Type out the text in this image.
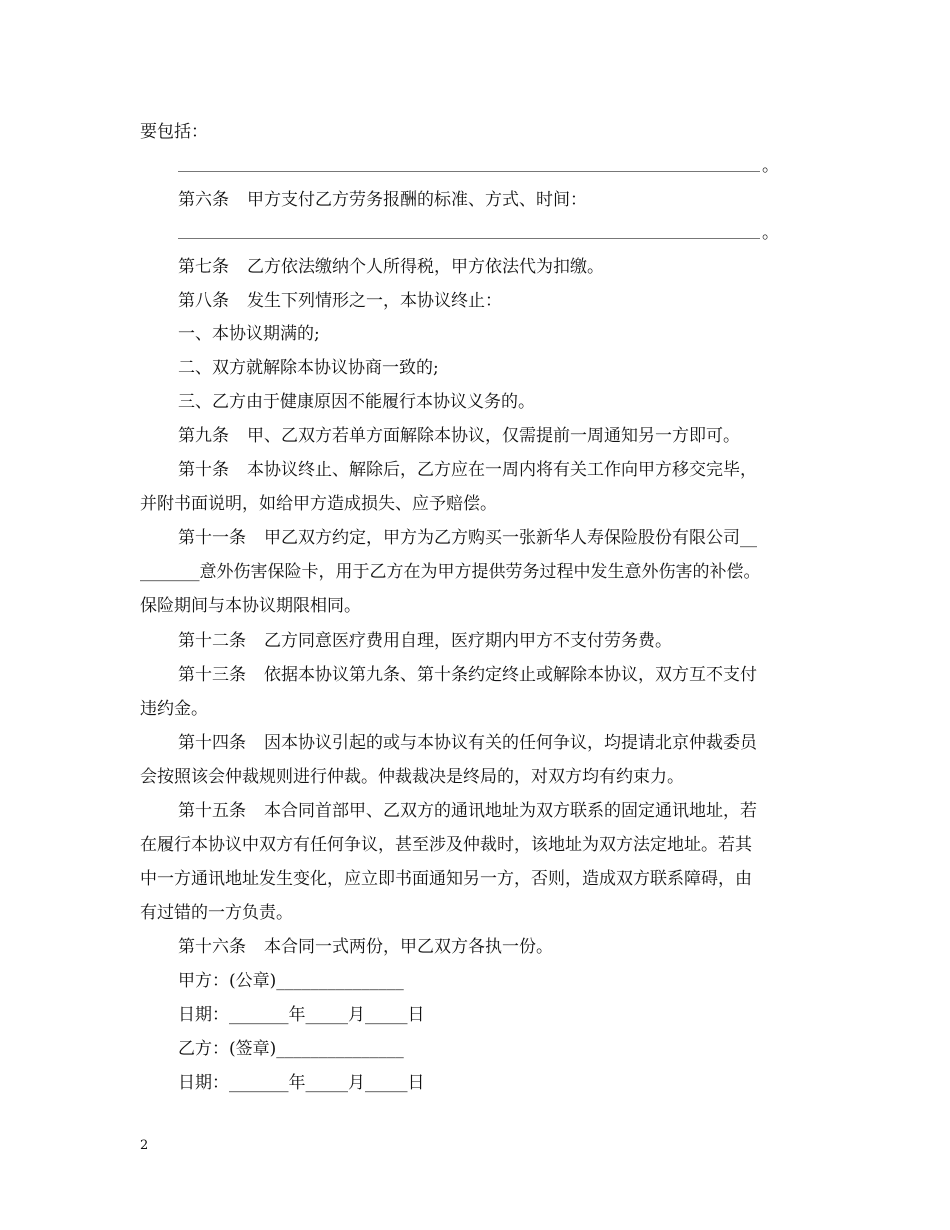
要包括：
。
第六条 甲方支付乙方劳务报酬的标准、方式、时间：
。
第七条 乙方依法缴纳个人所得税，甲方依法代为扣缴。
第八条 发生下列情形之一，本协议终止：
一、本协议期满的;
二、双方就解除本协议协商一致的;
三、乙方由于健康原因不能履行本协议义务的。
第九条 甲、乙双方若单方面解除本协议，仅需提前一周通知另一方即可。
第十条 本协议终止、解除后，乙方应在一周内将有关工作向甲方移交完毕，
并附书面说明，如给甲方造成损失、应予赔偿。
第十一条 甲乙双方约定，甲方为乙方购买一张新华人寿保险股份有限公司__
_______意外伤害保险卡，用于乙方在为甲方提供劳务过程中发生意外伤害的补偿。
保险期间与本协议期限相同。
第十二条 乙方同意医疗费用自理，医疗期内甲方不支付劳务费。
第十三条 依据本协议第九条、第十条约定终止或解除本协议，双方互不支付
违约金。
第十四条 因本协议引起的或与本协议有关的任何争议，均提请北京仲裁委员
会按照该会仲裁规则进行仲裁。仲裁裁决是终局的，对双方均有约束力。
第十五条 本合同首部甲、乙双方的通讯地址为双方联系的固定通讯地址，若
在履行本协议中双方有任何争议，甚至涉及仲裁时，该地址为双方法定地址。若其
中一方通讯地址发生变化，应立即书面通知另一方，否则，造成双方联系障碍，由
有过错的一方负责。
第十六条 本合同一式两份，甲乙双方各执一份。
甲方：(公章)_______________
日期：_______年_____月_____日
乙方：(签章)_______________
日期：_______年_____月_____日
2
